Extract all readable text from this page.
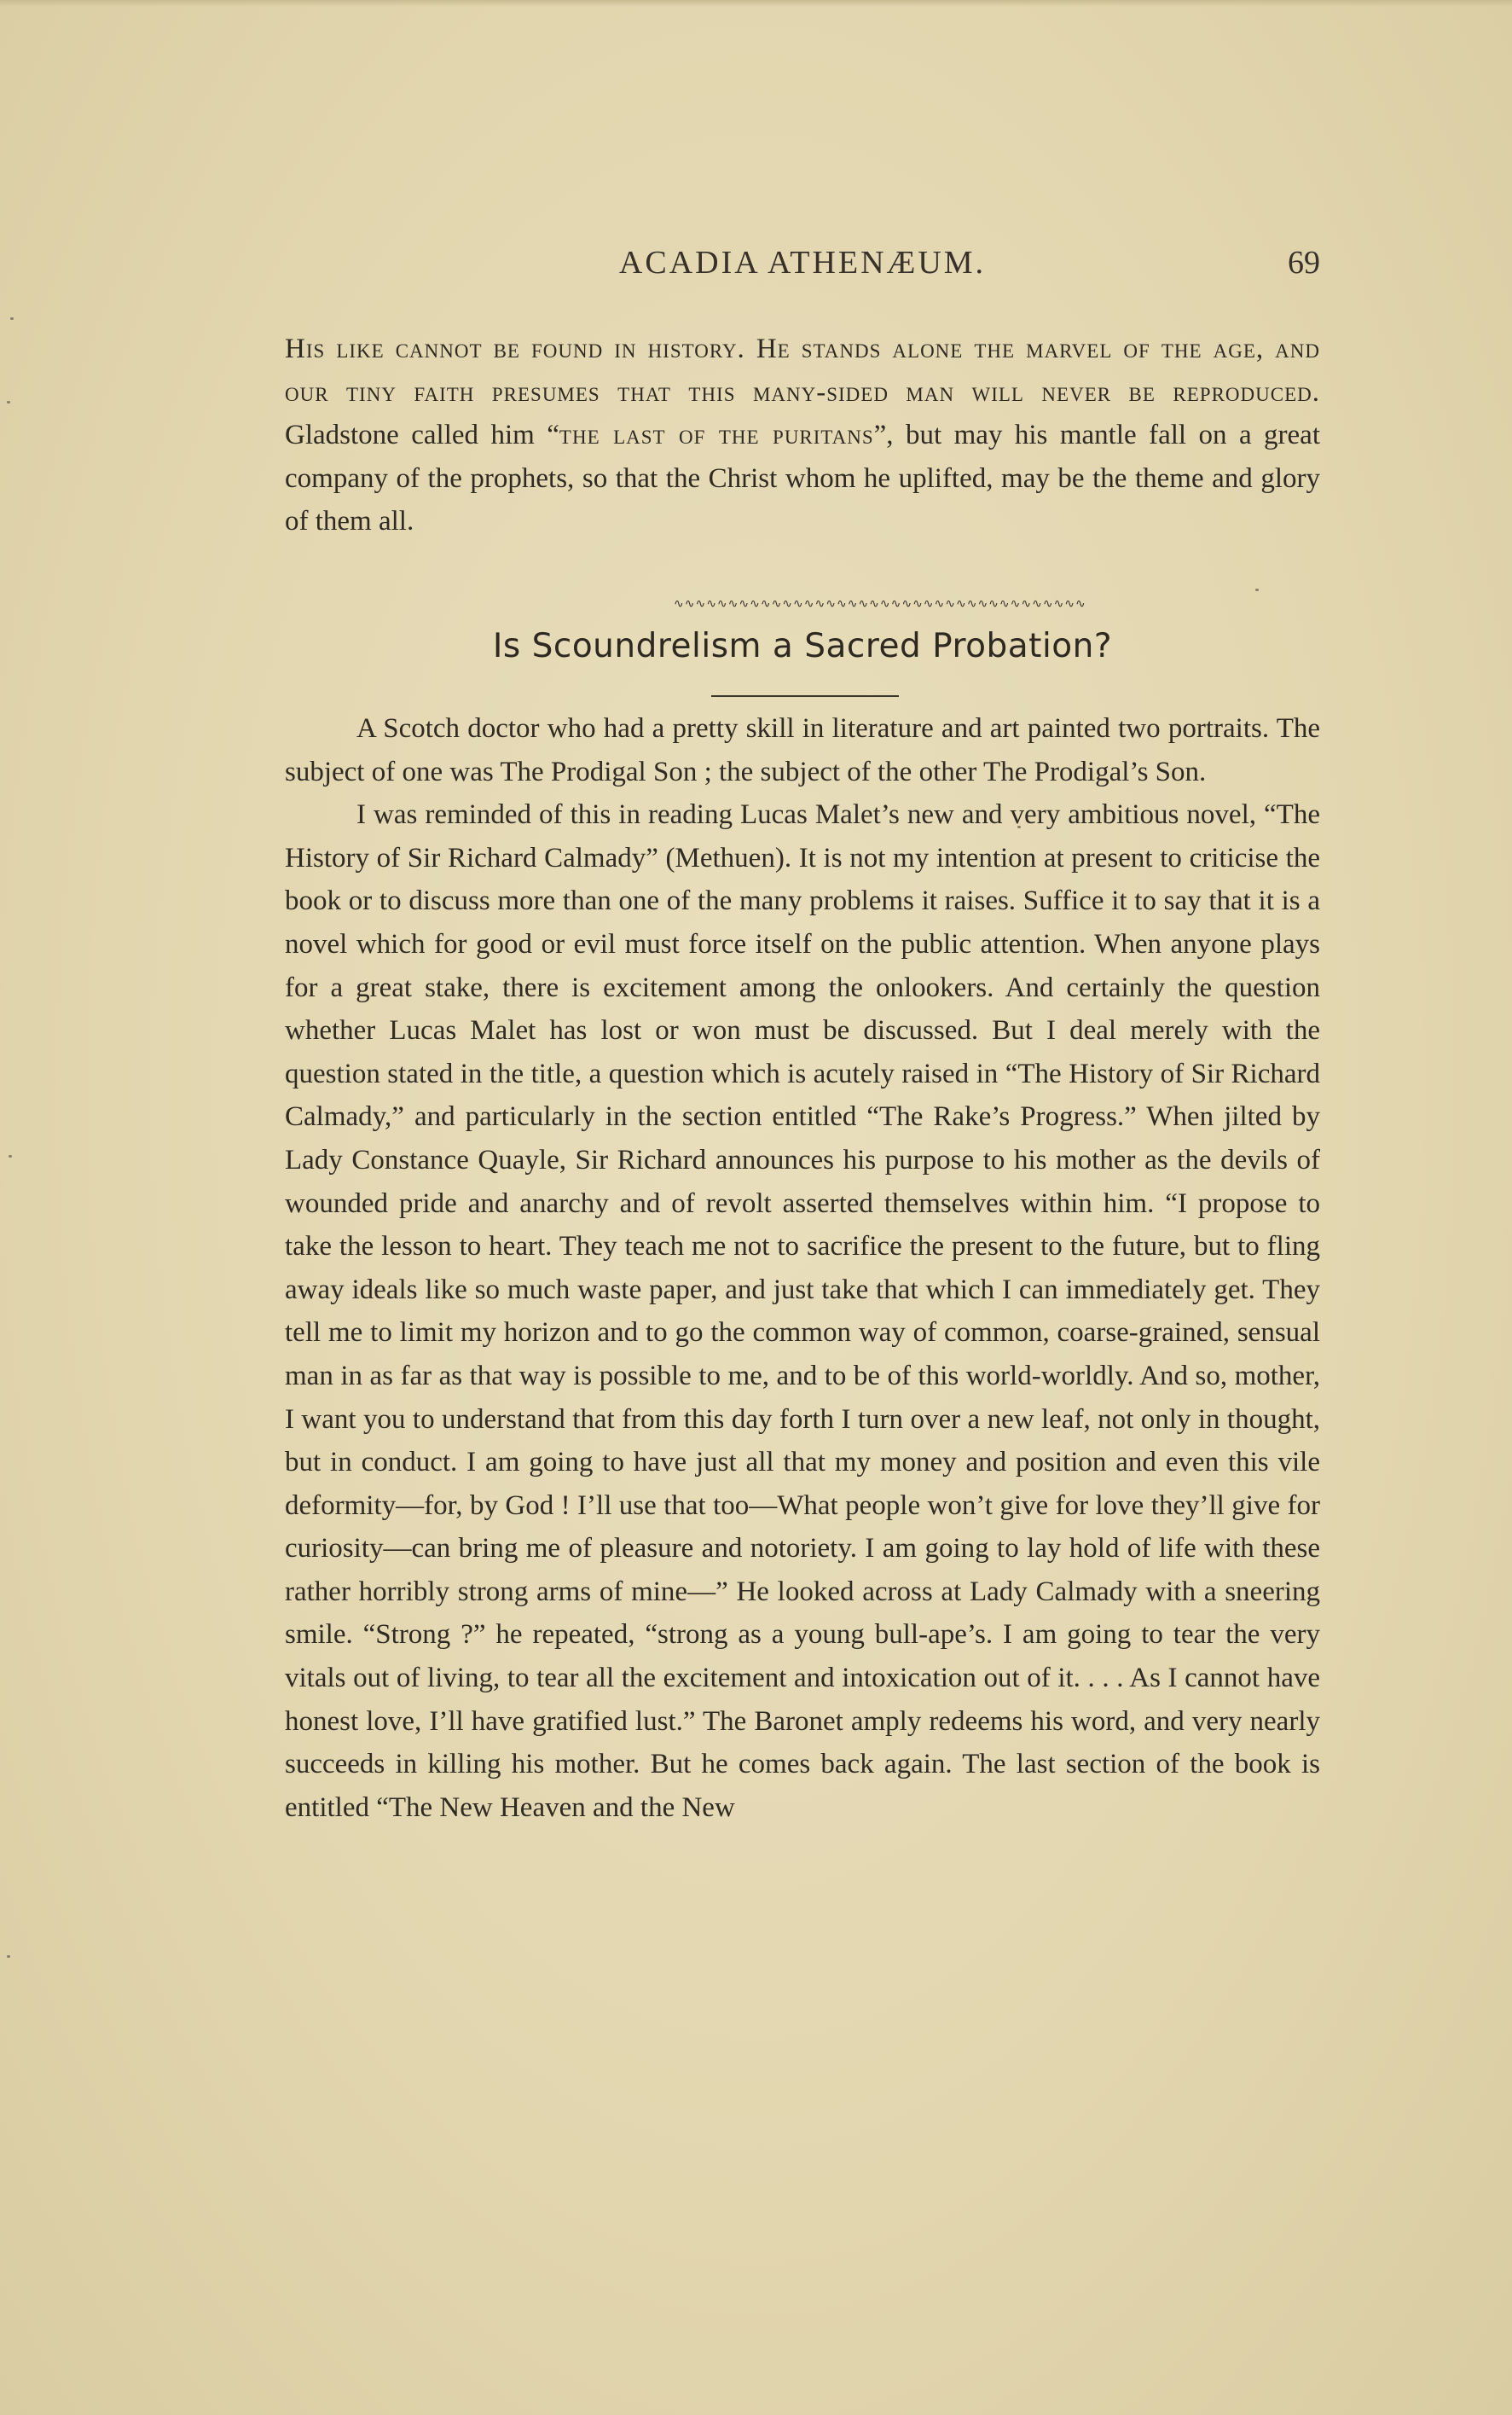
ACADIA ATHENÆUM.	69

His like cannot be found in history. He stands alone the marvel of the age, and our tiny faith presumes that this many-sided man will never be reproduced. Gladstone called him “the last of the puritans”, but may his mantle fall on a great company of the prophets, so that the Christ whom he uplifted, may be the theme and glory of them all.

∿∿∿∿∿∿∿∿∿∿∿∿∿∿∿∿∿∿∿∿∿∿∿∿∿∿∿∿∿∿∿∿∿∿∿∿∿∿
Is Scoundrelism a Sacred Probation?

A Scotch doctor who had a pretty skill in literature and art painted two portraits. The subject of one was The Prodigal Son ; the subject of the other The Prodigal’s Son.

I was reminded of this in reading Lucas Malet’s new and very ambitious novel, “The History of Sir Richard Calmady” (Methuen). It is not my intention at present to criticise the book or to discuss more than one of the many problems it raises. Suffice it to say that it is a novel which for good or evil must force itself on the public attention. When anyone plays for a great stake, there is excitement among the onlookers. And certainly the question whether Lucas Malet has lost or won must be discussed. But I deal merely with the question stated in the title, a question which is acutely raised in “The History of Sir Richard Calmady,” and particularly in the section entitled “The Rake’s Progress.” When jilted by Lady Constance Quayle, Sir Richard announces his purpose to his mother as the devils of wounded pride and anarchy and of revolt asserted themselves within him. “I propose to take the lesson to heart. They teach me not to sacrifice the present to the future, but to fling away ideals like so much waste paper, and just take that which I can immediately get. They tell me to limit my horizon and to go the common way of common, coarse-grained, sensual man in as far as that way is possible to me, and to be of this world-worldly. And so, mother, I want you to understand that from this day forth I turn over a new leaf, not only in thought, but in conduct. I am going to have just all that my money and position and even this vile deformity—for, by God ! I’ll use that too—What people won’t give for love they’ll give for curiosity—can bring me of pleasure and notoriety. I am going to lay hold of life with these rather horribly strong arms of mine—” He looked across at Lady Calmady with a sneering smile. “Strong ?” he repeated, “strong as a young bull-ape’s. I am going to tear the very vitals out of living, to tear all the excitement and intoxication out of it. . . . As I cannot have honest love, I’ll have gratified lust.” The Baronet amply redeems his word, and very nearly succeeds in killing his mother. But he comes back again. The last section of the book is entitled “The New Heaven and the New
